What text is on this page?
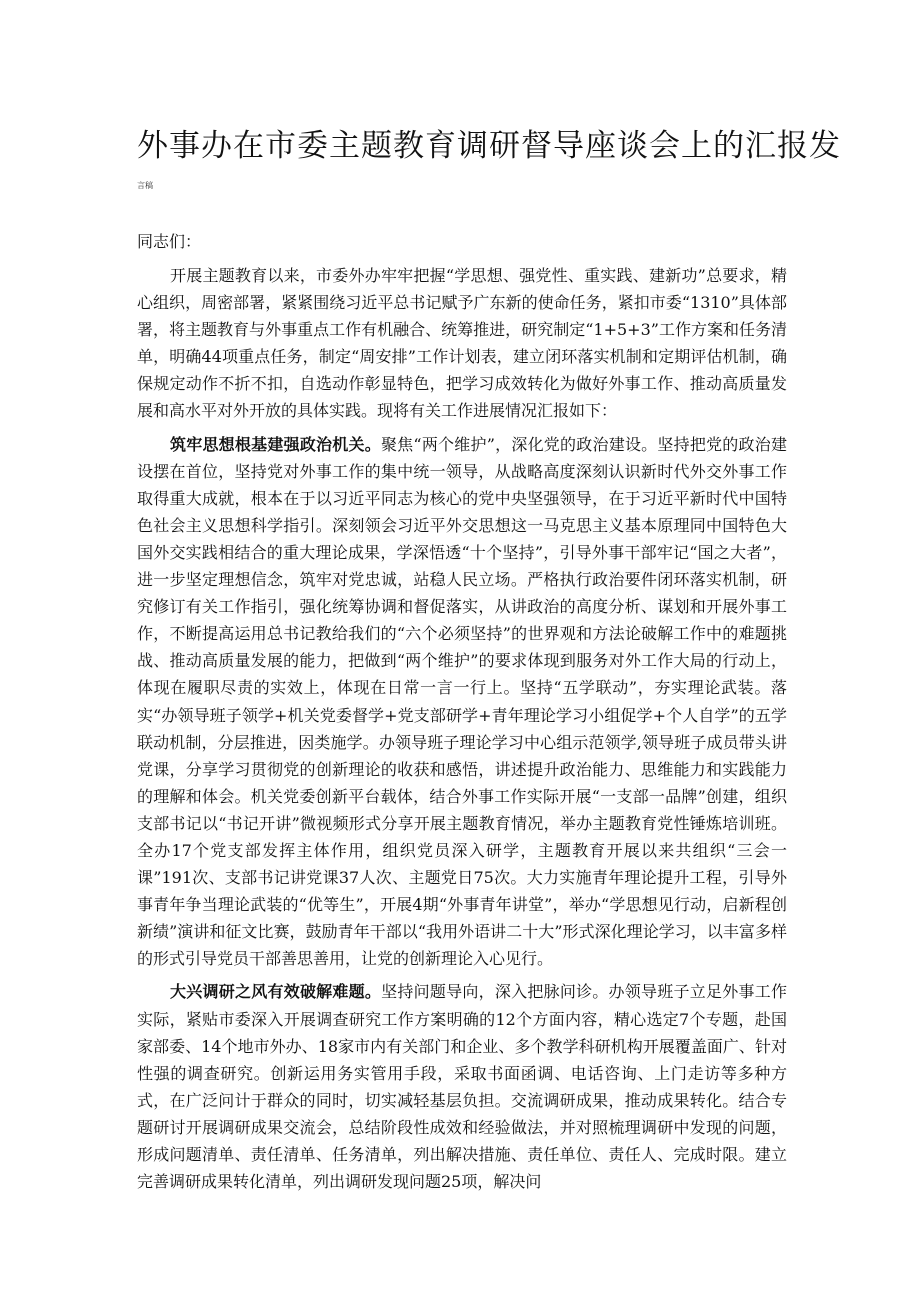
外事办在市委主题教育调研督导座谈会上的汇报发
言稿

同志们：

开展主题教育以来，市委外办牢牢把握“学思想、强党性、重实践、建新功”总要求，精心组织，周密部署，紧紧围绕习近平总书记赋予广东新的使命任务，紧扣市委“1310”具体部署，将主题教育与外事重点工作有机融合、统筹推进，研究制定“1+5+3”工作方案和任务清单，明确44项重点任务，制定“周安排”工作计划表，建立闭环落实机制和定期评估机制，确保规定动作不折不扣，自选动作彰显特色，把学习成效转化为做好外事工作、推动高质量发展和高水平对外开放的具体实践。现将有关工作进展情况汇报如下：

筑牢思想根基建强政治机关。聚焦“两个维护”，深化党的政治建设。坚持把党的政治建设摆在首位，坚持党对外事工作的集中统一领导，从战略高度深刻认识新时代外交外事工作取得重大成就，根本在于以习近平同志为核心的党中央坚强领导，在于习近平新时代中国特色社会主义思想科学指引。深刻领会习近平外交思想这一马克思主义基本原理同中国特色大国外交实践相结合的重大理论成果，学深悟透“十个坚持”，引导外事干部牢记“国之大者”，进一步坚定理想信念，筑牢对党忠诚，站稳人民立场。严格执行政治要件闭环落实机制，研究修订有关工作指引，强化统筹协调和督促落实，从讲政治的高度分析、谋划和开展外事工作，不断提高运用总书记教给我们的“六个必须坚持”的世界观和方法论破解工作中的难题挑战、推动高质量发展的能力，把做到“两个维护”的要求体现到服务对外工作大局的行动上，体现在履职尽责的实效上，体现在日常一言一行上。坚持“五学联动”，夯实理论武装。落实“办领导班子领学+机关党委督学+党支部研学+青年理论学习小组促学+个人自学”的五学联动机制，分层推进，因类施学。办领导班子理论学习中心组示范领学,领导班子成员带头讲党课，分享学习贯彻党的创新理论的收获和感悟，讲述提升政治能力、思维能力和实践能力的理解和体会。机关党委创新平台载体，结合外事工作实际开展“一支部一品牌”创建，组织支部书记以“书记开讲”微视频形式分享开展主题教育情况，举办主题教育党性锤炼培训班。全办17个党支部发挥主体作用，组织党员深入研学，主题教育开展以来共组织“三会一课”191次、支部书记讲党课37人次、主题党日75次。大力实施青年理论提升工程，引导外事青年争当理论武装的“优等生”，开展4期“外事青年讲堂”，举办“学思想见行动，启新程创新绩”演讲和征文比赛，鼓励青年干部以“我用外语讲二十大”形式深化理论学习，以丰富多样的形式引导党员干部善思善用，让党的创新理论入心见行。

大兴调研之风有效破解难题。坚持问题导向，深入把脉问诊。办领导班子立足外事工作实际，紧贴市委深入开展调查研究工作方案明确的12个方面内容，精心选定7个专题，赴国家部委、14个地市外办、18家市内有关部门和企业、多个教学科研机构开展覆盖面广、针对性强的调查研究。创新运用务实管用手段，采取书面函调、电话咨询、上门走访等多种方式，在广泛问计于群众的同时，切实减轻基层负担。交流调研成果，推动成果转化。结合专题研讨开展调研成果交流会，总结阶段性成效和经验做法，并对照梳理调研中发现的问题，形成问题清单、责任清单、任务清单，列出解决措施、责任单位、责任人、完成时限。建立完善调研成果转化清单，列出调研发现问题25项，解决问
